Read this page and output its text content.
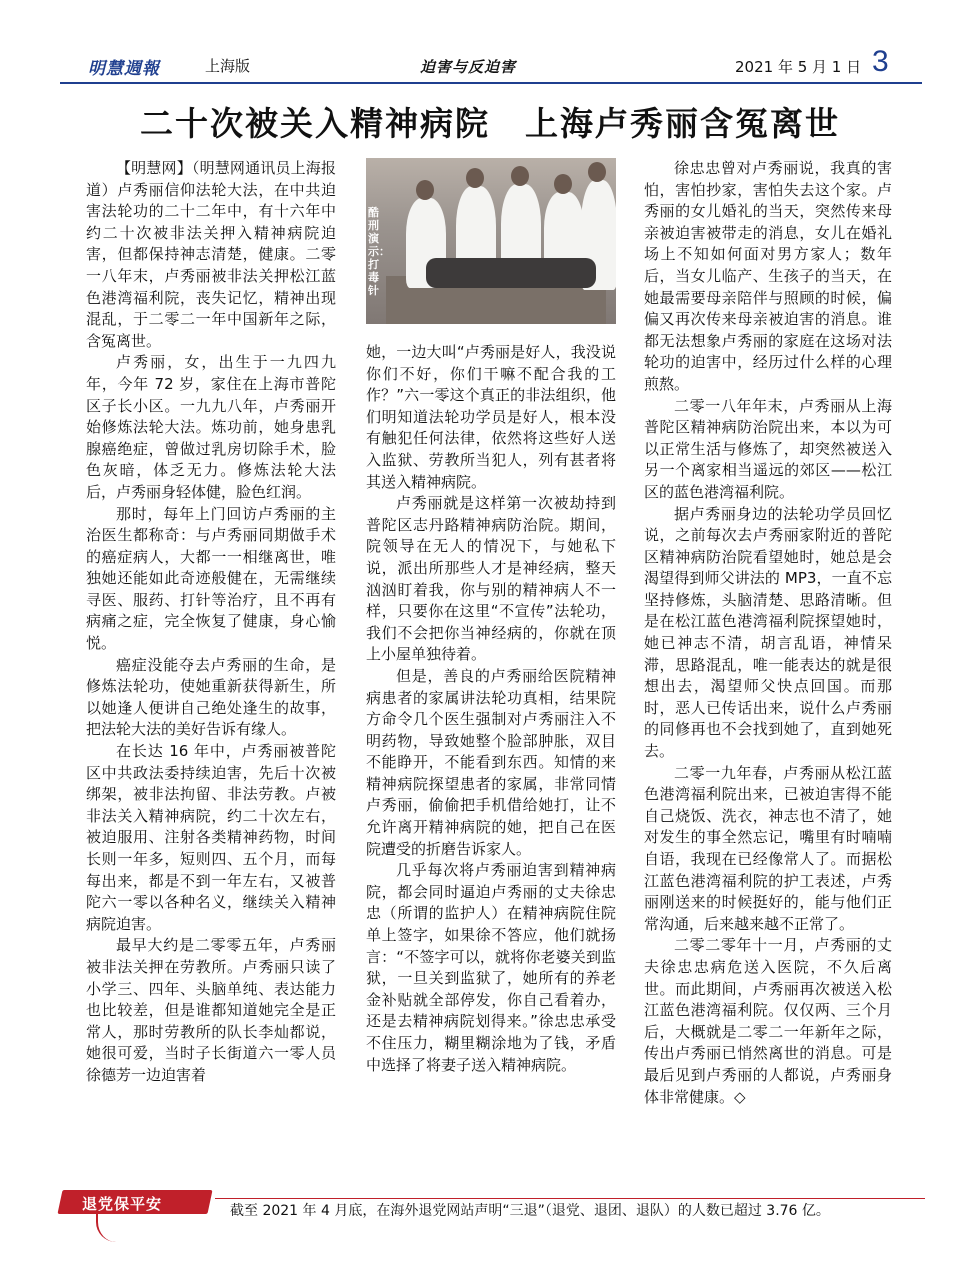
明慧週報	上海版	迫害与反迫害	2021 年 5 月 1 日 3
二十次被关入精神病院　上海卢秀丽含冤离世

【明慧网】（明慧网通讯员上海报道）卢秀丽信仰法轮大法，在中共迫害法轮功的二十二年中，有十六年中约二十次被非法关押入精神病院迫害，但都保持神志清楚，健康。二零一八年末，卢秀丽被非法关押松江蓝色港湾福利院，丧失记忆，精神出现混乱，于二零二一年中国新年之际，含冤离世。

卢秀丽，女，出生于一九四九年，今年 72 岁，家住在上海市普陀区子长小区。一九九八年，卢秀丽开始修炼法轮大法。炼功前，她身患乳腺癌绝症，曾做过乳房切除手术，脸色灰暗，体乏无力。修炼法轮大法后，卢秀丽身轻体健，脸色红润。

那时，每年上门回访卢秀丽的主治医生都称奇：与卢秀丽同期做手术的癌症病人，大都一一相继离世，唯独她还能如此奇迹般健在，无需继续寻医、服药、打针等治疗，且不再有病痛之症，完全恢复了健康，身心愉悦。

癌症没能夺去卢秀丽的生命，是修炼法轮功，使她重新获得新生，所以她逢人便讲自己绝处逢生的故事，把法轮大法的美好告诉有缘人。

在长达 16 年中，卢秀丽被普陀区中共政法委持续迫害，先后十次被绑架，被非法拘留、非法劳教。卢被非法关入精神病院，约二十次左右，被迫服用、注射各类精神药物，时间长则一年多，短则四、五个月，而每每出来，都是不到一年左右，又被普陀六一零以各种名义，继续关入精神病院迫害。

最早大约是二零零五年，卢秀丽被非法关押在劳教所。卢秀丽只读了小学三、四年、头脑单纯、表达能力也比较差，但是谁都知道她完全是正常人，那时劳教所的队长李灿都说，她很可爱，当时子长街道六一零人员徐德芳一边迫害着

酷刑演示：打毒针

她，一边大叫“卢秀丽是好人，我没说你们不好，你们干嘛不配合我的工作？”六一零这个真正的非法组织，他们明知道法轮功学员是好人，根本没有触犯任何法律，依然将这些好人送入监狱、劳教所当犯人，列有甚者将其送入精神病院。

卢秀丽就是这样第一次被劫持到普陀区志丹路精神病防治院。期间，院领导在无人的情况下，与她私下说，派出所那些人才是神经病，整天汹汹盯着我，你与别的精神病人不一样，只要你在这里“不宣传”法轮功，我们不会把你当神经病的，你就在顶上小屋单独待着。

但是，善良的卢秀丽给医院精神病患者的家属讲法轮功真相，结果院方命令几个医生强制对卢秀丽注入不明药物，导致她整个脸部肿胀，双目不能睁开，不能看到东西。知情的来精神病院探望患者的家属，非常同情卢秀丽，偷偷把手机借给她打，让不允许离开精神病院的她，把自己在医院遭受的折磨告诉家人。

几乎每次将卢秀丽迫害到精神病院，都会同时逼迫卢秀丽的丈夫徐忠忠（所谓的监护人）在精神病院住院单上签字，如果徐不答应，他们就扬言：“不签字可以，就将你老婆关到监狱，一旦关到监狱了，她所有的养老金补贴就全部停发，你自己看着办，还是去精神病院划得来。”徐忠忠承受不住压力，糊里糊涂地为了钱，矛盾中选择了将妻子送入精神病院。

徐忠忠曾对卢秀丽说，我真的害怕，害怕抄家，害怕失去这个家。卢秀丽的女儿婚礼的当天，突然传来母亲被迫害被带走的消息，女儿在婚礼场上不知如何面对男方家人；数年后，当女儿临产、生孩子的当天，在她最需要母亲陪伴与照顾的时候，偏偏又再次传来母亲被迫害的消息。谁都无法想象卢秀丽的家庭在这场对法轮功的迫害中，经历过什么样的心理煎熬。

二零一八年年末，卢秀丽从上海普陀区精神病防治院出来，本以为可以正常生活与修炼了，却突然被送入另一个离家相当遥远的郊区——松江区的蓝色港湾福利院。

据卢秀丽身边的法轮功学员回忆说，之前每次去卢秀丽家附近的普陀区精神病防治院看望她时，她总是会渴望得到师父讲法的 MP3，一直不忘坚持修炼，头脑清楚、思路清晰。但是在松江蓝色港湾福利院探望她时，她已神志不清，胡言乱语，神情呆滞，思路混乱，唯一能表达的就是很想出去，渴望师父快点回国。而那时，恶人已传话出来，说什么卢秀丽的同修再也不会找到她了，直到她死去。

二零一九年春，卢秀丽从松江蓝色港湾福利院出来，已被迫害得不能自己烧饭、洗衣，神志也不清了，她对发生的事全然忘记，嘴里有时喃喃自语，我现在已经像常人了。而据松江蓝色港湾福利院的护工表述，卢秀丽刚送来的时候挺好的，能与他们正常沟通，后来越来越不正常了。

二零二零年十一月，卢秀丽的丈夫徐忠忠病危送入医院，不久后离世。而此期间，卢秀丽再次被送入松江蓝色港湾福利院。仅仅两、三个月后，大概就是二零二一年新年之际，传出卢秀丽已悄然离世的消息。可是最后见到卢秀丽的人都说，卢秀丽身体非常健康。◇

退党保平安	截至 2021 年 4 月底，在海外退党网站声明“三退”（退党、退团、退队）的人数已超过 3.76 亿。
